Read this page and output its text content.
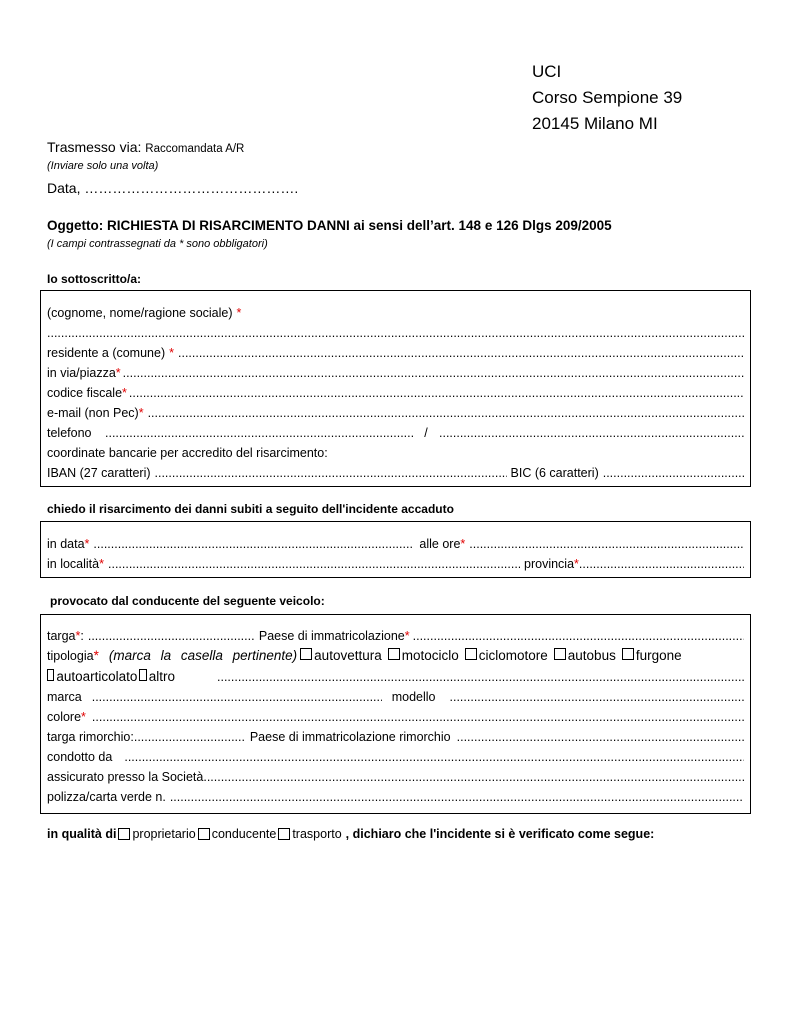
UCI
Corso Sempione 39
20145 Milano MI
Trasmesso via: Raccomandata A/R
(Inviare solo una volta)
Data, ……………………………………….
Oggetto: RICHIESTA DI RISARCIMENTO DANNI ai sensi dell’art. 148 e 126 Dlgs 209/2005
(I campi contrassegnati da * sono obbligatori)
Io sottoscritto/a:
(cognome, nome/ragione sociale) *
.....
residente a (comune) *
.....
in via/piazza *
.....
codice fiscale *
.....
e-mail (non Pec) *
.....
telefono .....	/
.....
coordinate bancarie per accredito del risarcimento:
IBAN (27 caratteri) .....	BIC (6 caratteri)
.....
chiedo il risarcimento dei danni subiti a seguito dell'incidente accaduto
in data * .....	alle ore *
.....
in località * .....	provincia *
.....
provocato dal conducente del seguente veicolo:
targa * : .....	Paese di immatricolazione *
.....
tipologia * (marca la casella pertinente) autovettura motociclo ciclomotore autobus furgone
autoarticolato altro
.....
marca .....	modello
.....
colore *
.....
targa rimorchio: .....	Paese di immatricolazione rimorchio
.....
condotto da
.....
assicurato presso la Società
.....
polizza/carta verde n.
.....
in qualità di proprietario conducente trasporto , dichiaro che l'incidente si è verificato come segue:
